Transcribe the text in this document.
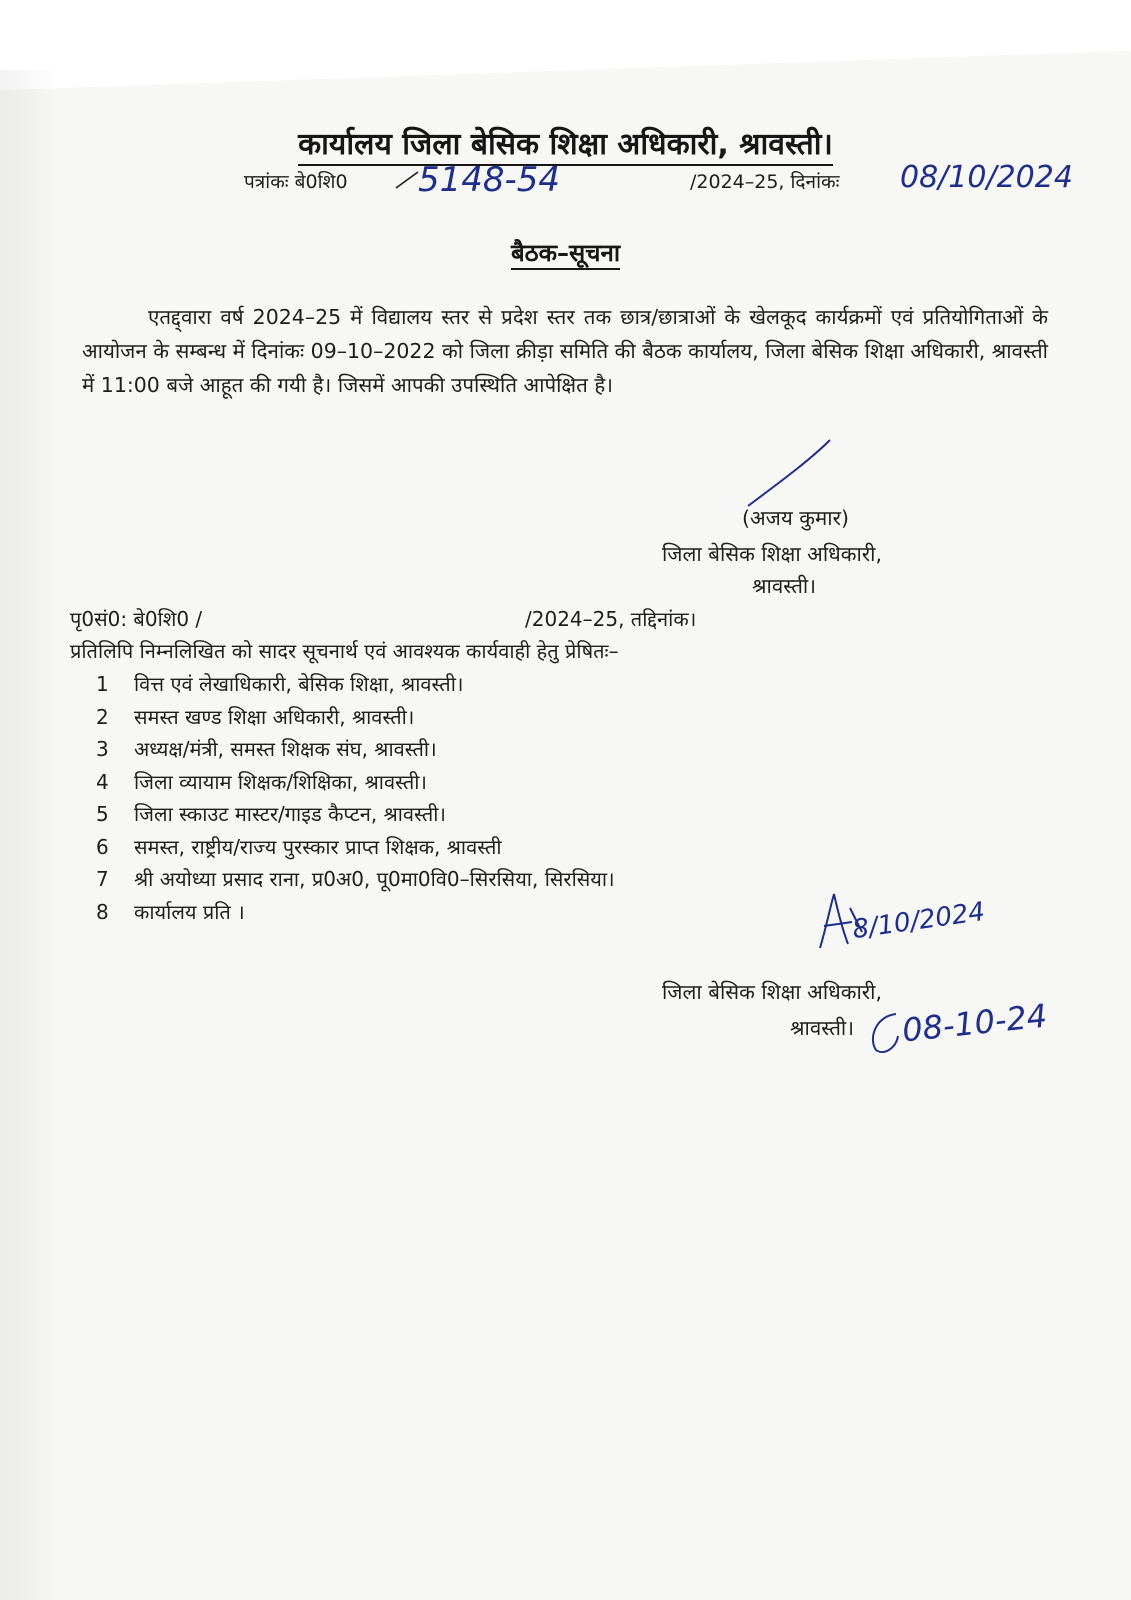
कार्यालय जिला बेसिक शिक्षा अधिकारी, श्रावस्ती।
पत्रांकः बे0शि0 5148-54	/2024–25, दिनांकः 08/10/2024
बैठक–सूचना
एतद्द्वारा वर्ष 2024–25 में विद्यालय स्तर से प्रदेश स्तर तक छात्र/छात्राओं के खेलकूद कार्यक्रमों एवं प्रतियोगिताओं के आयोजन के सम्बन्ध में दिनांकः 09–10–2022 को जिला क्रीड़ा समिति की बैठक कार्यालय, जिला बेसिक शिक्षा अधिकारी, श्रावस्ती में 11:00 बजे आहूत की गयी है। जिसमें आपकी उपस्थिति आपेक्षित है।
(अजय कुमार)
जिला बेसिक शिक्षा अधिकारी,
श्रावस्ती।
पृ0सं0: बे0शि0 /	/2024–25, तद्दिनांक।
प्रतिलिपि निम्नलिखित को सादर सूचनार्थ एवं आवश्यक कार्यवाही हेतु प्रेषितः–
1 वित्त एवं लेखाधिकारी, बेसिक शिक्षा, श्रावस्ती।
2 समस्त खण्ड शिक्षा अधिकारी, श्रावस्ती।
3 अध्यक्ष/मंत्री, समस्त शिक्षक संघ, श्रावस्ती।
4 जिला व्यायाम शिक्षक/शिक्षिका, श्रावस्ती।
5 जिला स्काउट मास्टर/गाइड कैप्टन, श्रावस्ती।
6 समस्त, राष्ट्रीय/राज्य पुरस्कार प्राप्त शिक्षक, श्रावस्ती
7 श्री अयोध्या प्रसाद राना, प्र0अ0, पू0मा0वि0–सिरसिया, सिरसिया।
8 कार्यालय प्रति ।	8/10/2024
जिला बेसिक शिक्षा अधिकारी,
श्रावस्ती। 08-10-24
